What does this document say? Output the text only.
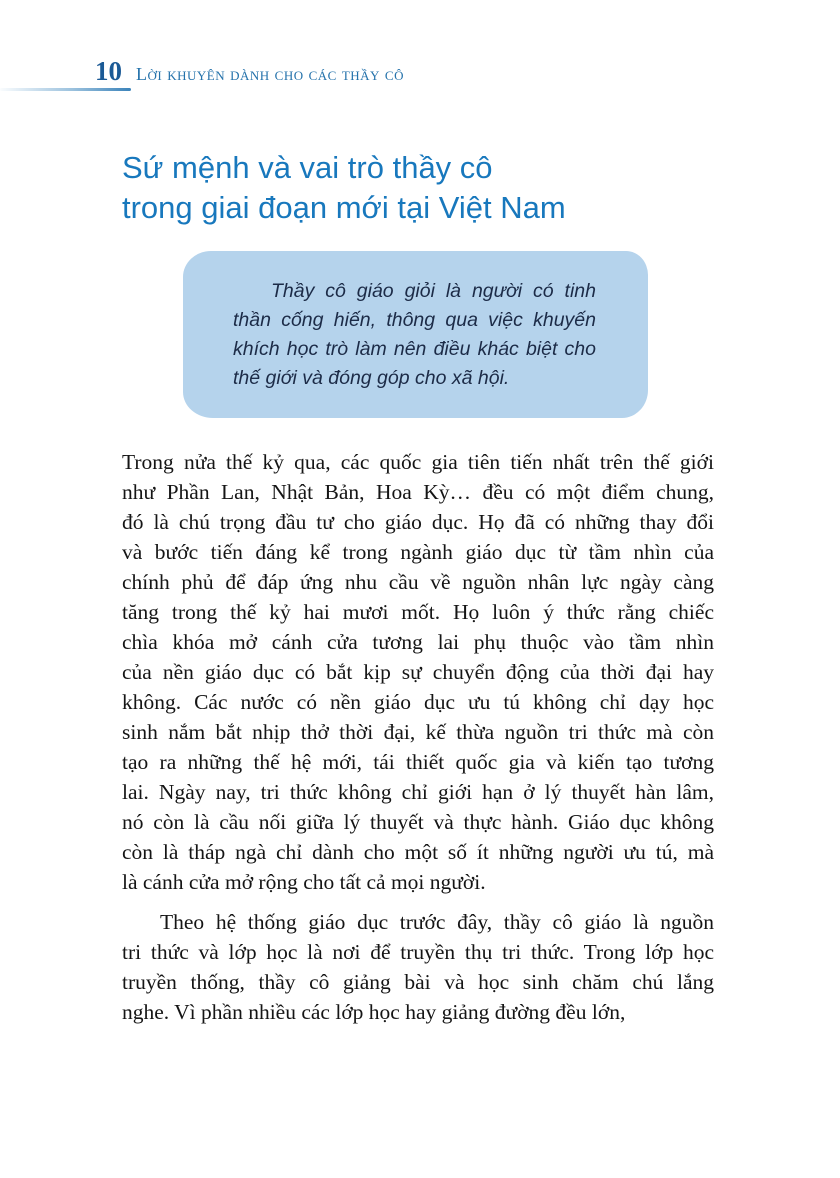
10 Lời khuyên dành cho các thầy cô
Sứ mệnh và vai trò thầy cô
trong giai đoạn mới tại Việt Nam
Thầy cô giáo giỏi là người có tinh
thần cống hiến, thông qua việc khuyến
khích học trò làm nên điều khác biệt cho
thế giới và đóng góp cho xã hội.

Trong nửa thế kỷ qua, các quốc gia tiên tiến nhất trên thế giới
như Phần Lan, Nhật Bản, Hoa Kỳ… đều có một điểm chung,
đó là chú trọng đầu tư cho giáo dục. Họ đã có những thay đổi
và bước tiến đáng kể trong ngành giáo dục từ tầm nhìn của
chính phủ để đáp ứng nhu cầu về nguồn nhân lực ngày càng
tăng trong thế kỷ hai mươi mốt. Họ luôn ý thức rằng chiếc
chìa khóa mở cánh cửa tương lai phụ thuộc vào tầm nhìn
của nền giáo dục có bắt kịp sự chuyển động của thời đại hay
không. Các nước có nền giáo dục ưu tú không chỉ dạy học
sinh nắm bắt nhịp thở thời đại, kế thừa nguồn tri thức mà còn
tạo ra những thế hệ mới, tái thiết quốc gia và kiến tạo tương
lai. Ngày nay, tri thức không chỉ giới hạn ở lý thuyết hàn lâm,
nó còn là cầu nối giữa lý thuyết và thực hành. Giáo dục không
còn là tháp ngà chỉ dành cho một số ít những người ưu tú, mà
là cánh cửa mở rộng cho tất cả mọi người.

Theo hệ thống giáo dục trước đây, thầy cô giáo là nguồn
tri thức và lớp học là nơi để truyền thụ tri thức. Trong lớp học
truyền thống, thầy cô giảng bài và học sinh chăm chú lắng
nghe. Vì phần nhiều các lớp học hay giảng đường đều lớn,
